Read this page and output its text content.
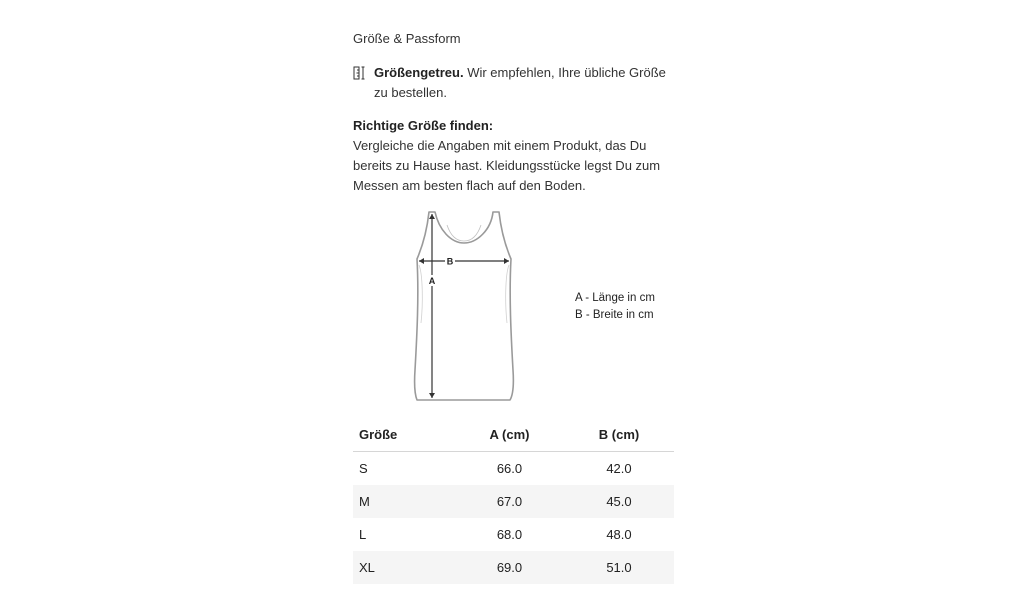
Größe & Passform
Größengetreu. Wir empfehlen, Ihre übliche Größe zu bestellen.
Richtige Größe finden:
Vergleiche die Angaben mit einem Produkt, das Du bereits zu Hause hast. Kleidungsstücke legst Du zum Messen am besten flach auf den Boden.
B
A
A - Länge in cm
B - Breite in cm
Größe	A (cm)	B (cm)
S	66.0	42.0
M	67.0	45.0
L	68.0	48.0
XL	69.0	51.0
